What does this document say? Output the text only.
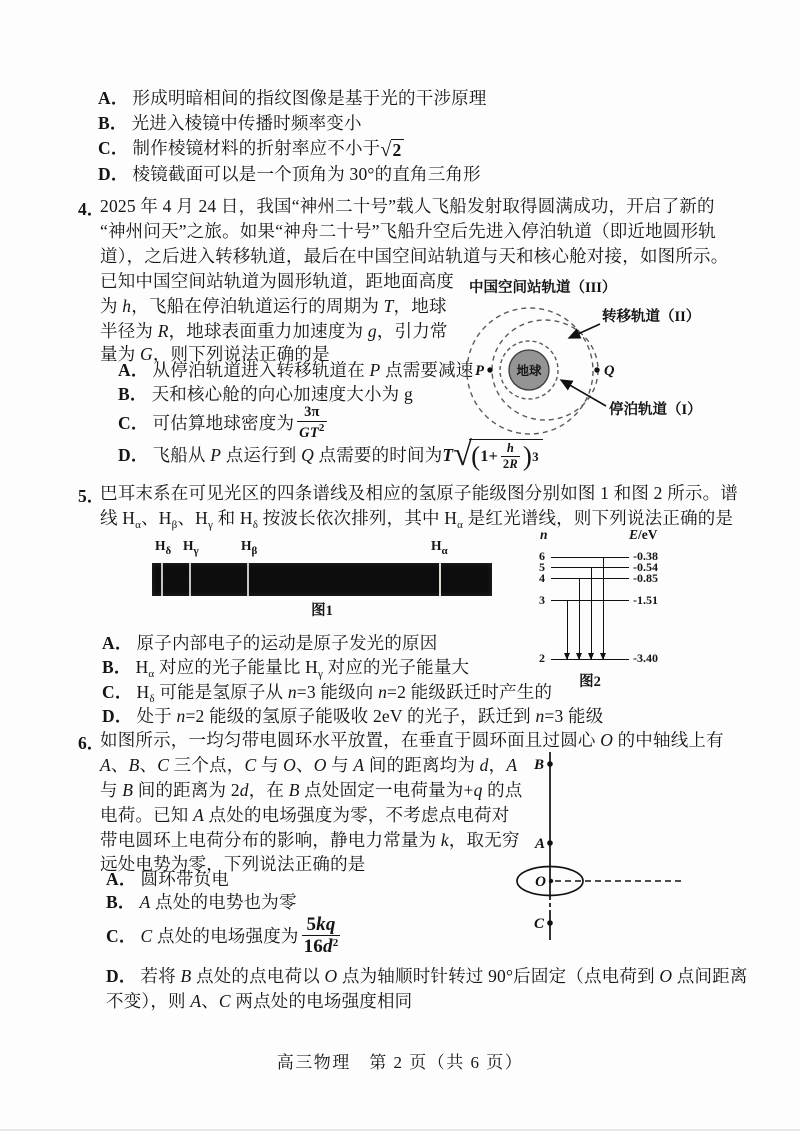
A． 形成明暗相间的指纹图像是基于光的干涉原理
B． 光进入棱镜中传播时频率变小
C． 制作棱镜材料的折射率应不小于 √ 2
D． 棱镜截面可以是一个顶角为 30°的直角三角形
4．
2025 年 4 月 24 日，我国“神州二十号”载人飞船发射取得圆满成功，开启了新的
“神州问天”之旅。如果“神舟二十号”飞船升空后先进入停泊轨道（即近地圆形轨
道），之后进入转移轨道，最后在中国空间站轨道与天和核心舱对接，如图所示。
已知中国空间站轨道为圆形轨道，距地面高度
为 h，飞船在停泊轨道运行的周期为 T，地球
半径为 R，地球表面重力加速度为 g，引力常
量为 G，则下列说法正确的是
A． 从停泊轨道进入转移轨道在 P 点需要减速
B． 天和核心舱的向心加速度大小为 g
C． 可估算地球密度为 $\frac{3\pi}{GT^2}$
D． 飞船从 P 点运行到 Q 点需要的时间为 T √ ( $1+ \frac{h}{2R}$ ) 3
地球
P	Q
中国空间站轨道（III）
转移轨道（II）
停泊轨道（I）
5．
巴耳末系在可见光区的四条谱线及相应的氢原子能级图分别如图 1 和图 2 所示。谱
线 $H_\alpha$、$H_\beta$、$H_\gamma$ 和 $H_\delta$ 按波长依次排列，其中 $H_\alpha$ 是红光谱线，则下列说法正确的是
$H_\delta$ $H_\gamma$	$H_\beta$	$H_\alpha$
图1
n	E/eV
6
5
4
3
2
-0.38
-0.54
-0.85
-1.51
-3.40
图2
A． 原子内部电子的运动是原子发光的原因
B． $H_\alpha$ 对应的光子能量比 $H_\gamma$ 对应的光子能量大
C． $H_\delta$ 可能是氢原子从 n=3 能级向 n=2 能级跃迁时产生的
D． 处于 n=2 能级的氢原子能吸收 2eV 的光子，跃迁到 n=3 能级
6．
如图所示，一均匀带电圆环水平放置，在垂直于圆环面且过圆心 O 的中轴线上有
A、B、C 三个点，C 与 O、O 与 A 间的距离均为 d，A
与 B 间的距离为 2d，在 B 点处固定一电荷量为+q 的点
电荷。已知 A 点处的电场强度为零，不考虑点电荷对
带电圆环上电荷分布的影响，静电力常量为 k，取无穷
远处电势为零，下列说法正确的是
A． 圆环带负电
B． A 点处的电势也为零
C． C 点处的电场强度为 $\frac{5kq}{16d^2}$
D． 若将 B 点处的点电荷以 O 点为轴顺时针转过 90°后固定（点电荷到 O 点间距离
不变），则 A、C 两点处的电场强度相同
B
A
O
C
高三物理　第 2 页（共 6 页）
